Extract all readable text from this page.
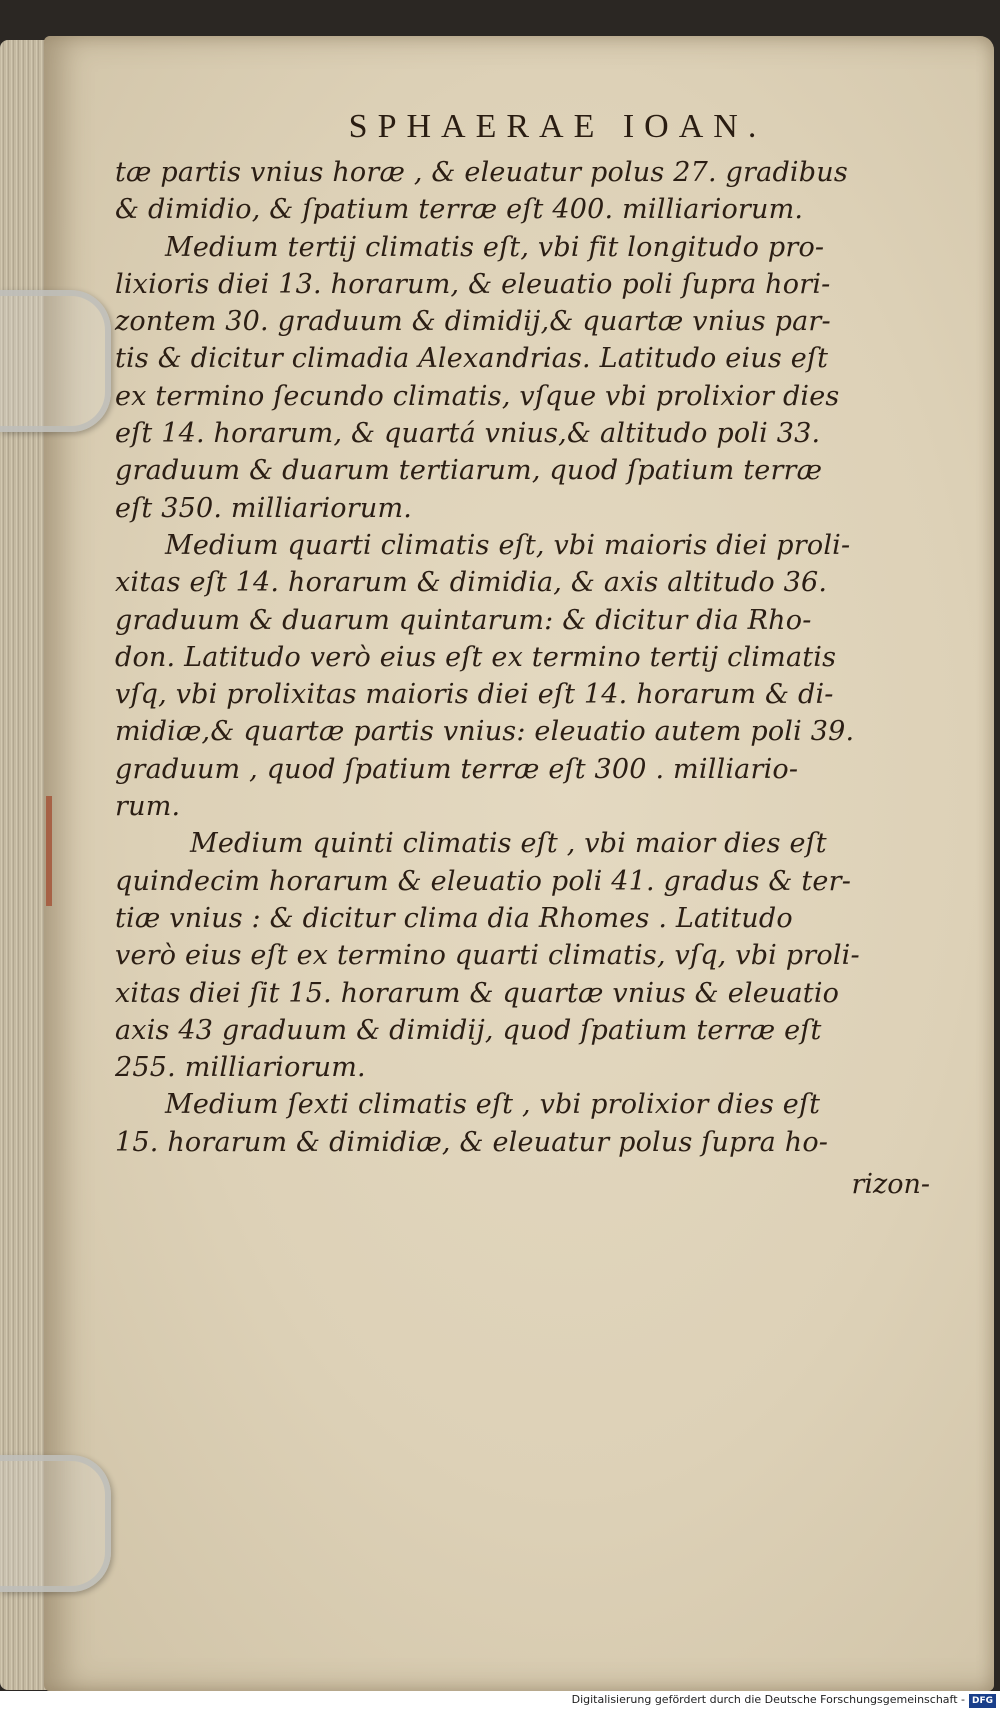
SPHAERAE IOAN.
tæ partis vnius horæ , & eleuatur polus 27. gradibus
& dimidio, & ſpatium terræ eſt 400. milliariorum.
Medium tertij climatis eſt, vbi fit longitudo pro-
lixioris diei 13. horarum, & eleuatio poli ſupra hori-
zontem 30. graduum & dimidij,& quartæ vnius par-
tis & dicitur climadia Alexandrias. Latitudo eius eſt
ex termino ſecundo climatis, vſque vbi prolixior dies
eſt 14. horarum, & quartá vnius,& altitudo poli 33.
graduum & duarum tertiarum, quod ſpatium terræ
eſt 350. milliariorum.
Medium quarti climatis eſt, vbi maioris diei proli-
xitas eſt 14. horarum & dimidia, & axis altitudo 36.
graduum & duarum quintarum: & dicitur dia Rho-
don. Latitudo verò eius eſt ex termino tertij climatis
vſq, vbi prolixitas maioris diei eſt 14. horarum & di-
midiæ,& quartæ partis vnius: eleuatio autem poli 39.
graduum , quod ſpatium terræ eſt 300 . milliario-
rum.
Medium quinti climatis eſt , vbi maior dies eſt
quindecim horarum & eleuatio poli 41. gradus & ter-
tiæ vnius : & dicitur clima dia Rhomes . Latitudo
verò eius eſt ex termino quarti climatis, vſq, vbi proli-
xitas diei ſit 15. horarum & quartæ vnius & eleuatio
axis 43 graduum & dimidij, quod ſpatium terræ eſt
255. milliariorum.
Medium ſexti climatis eſt , vbi prolixior dies eſt
15. horarum & dimidiæ, & eleuatur polus ſupra ho-
rizon-
Digitalisierung gefördert durch die Deutsche Forschungsgemeinschaft - DFG
